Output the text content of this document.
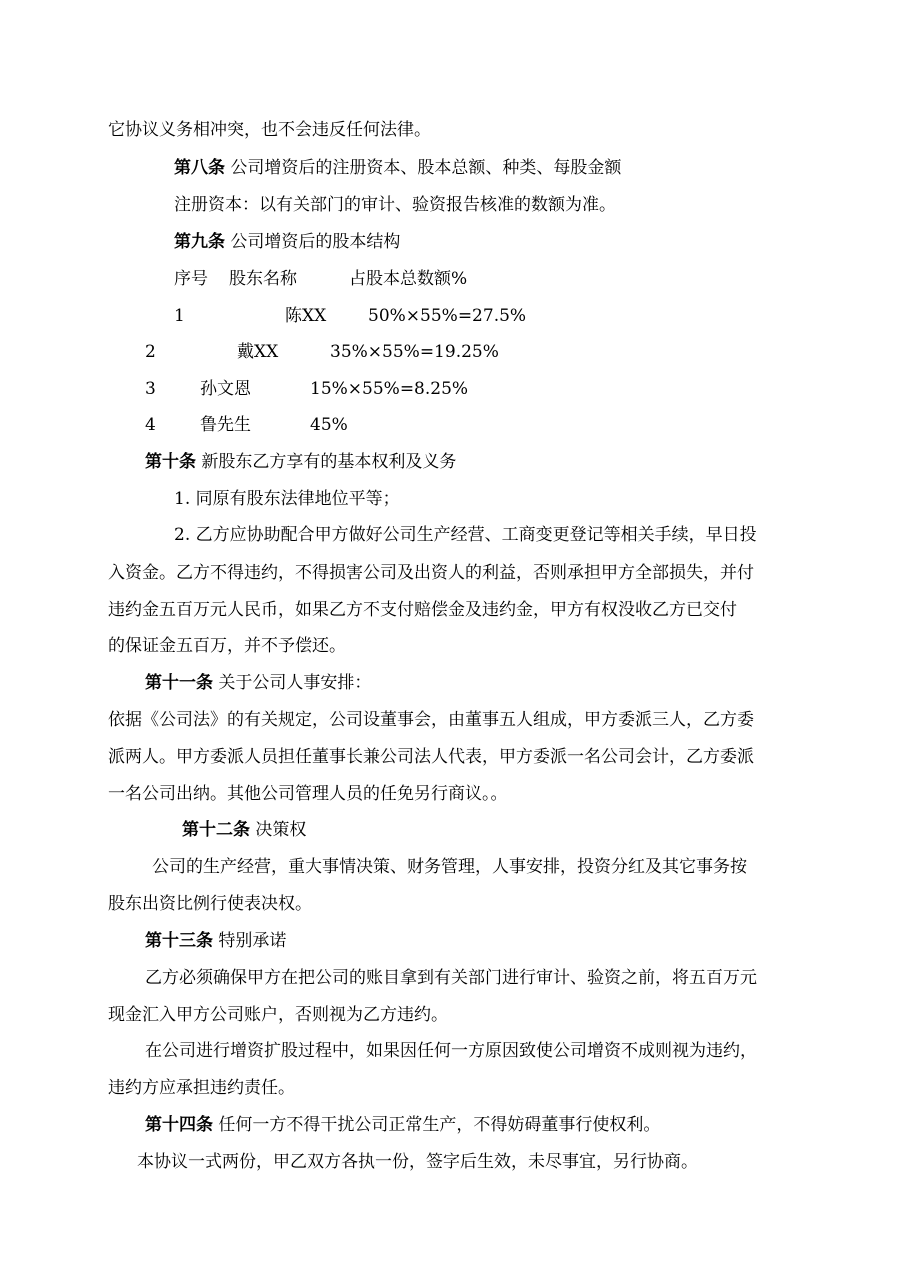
它协议义务相冲突，也不会违反任何法律。
第八条 公司增资后的注册资本、股本总额、种类、每股金额
注册资本：以有关部门的审计、验资报告核准的数额为准。
第九条 公司增资后的股本结构
序号 股东名称	占股本总数额%
1	陈XX 50%×55%=27.5%
2	戴XX	35%×55%=19.25%
3	孙文恩	15%×55%=8.25%
4	鲁先生	45%
第十条 新股东乙方享有的基本权利及义务
1. 同原有股东法律地位平等；
2. 乙方应协助配合甲方做好公司生产经营、工商变更登记等相关手续，早日投
入资金。乙方不得违约，不得损害公司及出资人的利益，否则承担甲方全部损失，并付
违约金五百万元人民币，如果乙方不支付赔偿金及违约金，甲方有权没收乙方已交付
的保证金五百万，并不予偿还。
第十一条 关于公司人事安排：
依据《公司法》的有关规定，公司设董事会，由董事五人组成，甲方委派三人，乙方委
派两人。甲方委派人员担任董事长兼公司法人代表，甲方委派一名公司会计，乙方委派
一名公司出纳。其他公司管理人员的任免另行商议。。
第十二条 决策权
公司的生产经营，重大事情决策、财务管理，人事安排，投资分红及其它事务按
股东出资比例行使表决权。
第十三条 特别承诺
乙方必须确保甲方在把公司的账目拿到有关部门进行审计、验资之前，将五百万元
现金汇入甲方公司账户，否则视为乙方违约。
在公司进行增资扩股过程中，如果因任何一方原因致使公司增资不成则视为违约，
违约方应承担违约责任。
第十四条 任何一方不得干扰公司正常生产，不得妨碍董事行使权利。
本协议一式两份，甲乙双方各执一份，签字后生效，未尽事宜，另行协商。
